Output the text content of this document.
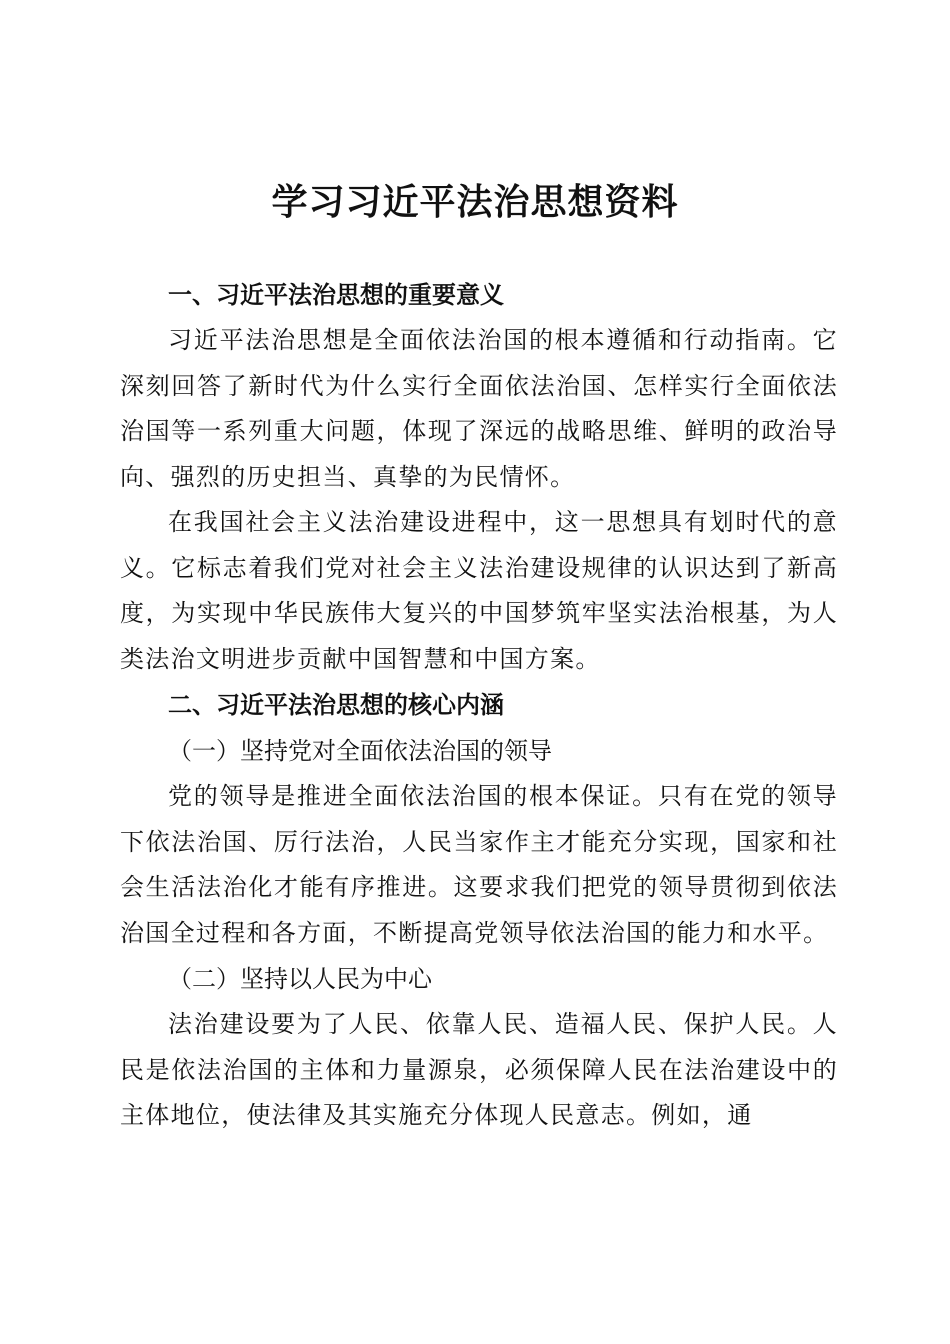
学习习近平法治思想资料
一、习近平法治思想的重要意义
习近平法治思想是全面依法治国的根本遵循和行动指南。它深刻回答了新时代为什么实行全面依法治国、怎样实行全面依法治国等一系列重大问题，体现了深远的战略思维、鲜明的政治导向、强烈的历史担当、真挚的为民情怀。
在我国社会主义法治建设进程中，这一思想具有划时代的意义。它标志着我们党对社会主义法治建设规律的认识达到了新高度，为实现中华民族伟大复兴的中国梦筑牢坚实法治根基，为人类法治文明进步贡献中国智慧和中国方案。
二、习近平法治思想的核心内涵
（一）坚持党对全面依法治国的领导
党的领导是推进全面依法治国的根本保证。只有在党的领导下依法治国、厉行法治，人民当家作主才能充分实现，国家和社会生活法治化才能有序推进。这要求我们把党的领导贯彻到依法治国全过程和各方面，不断提高党领导依法治国的能力和水平。
（二）坚持以人民为中心
法治建设要为了人民、依靠人民、造福人民、保护人民。人民是依法治国的主体和力量源泉，必须保障人民在法治建设中的主体地位，使法律及其实施充分体现人民意志。例如，通
